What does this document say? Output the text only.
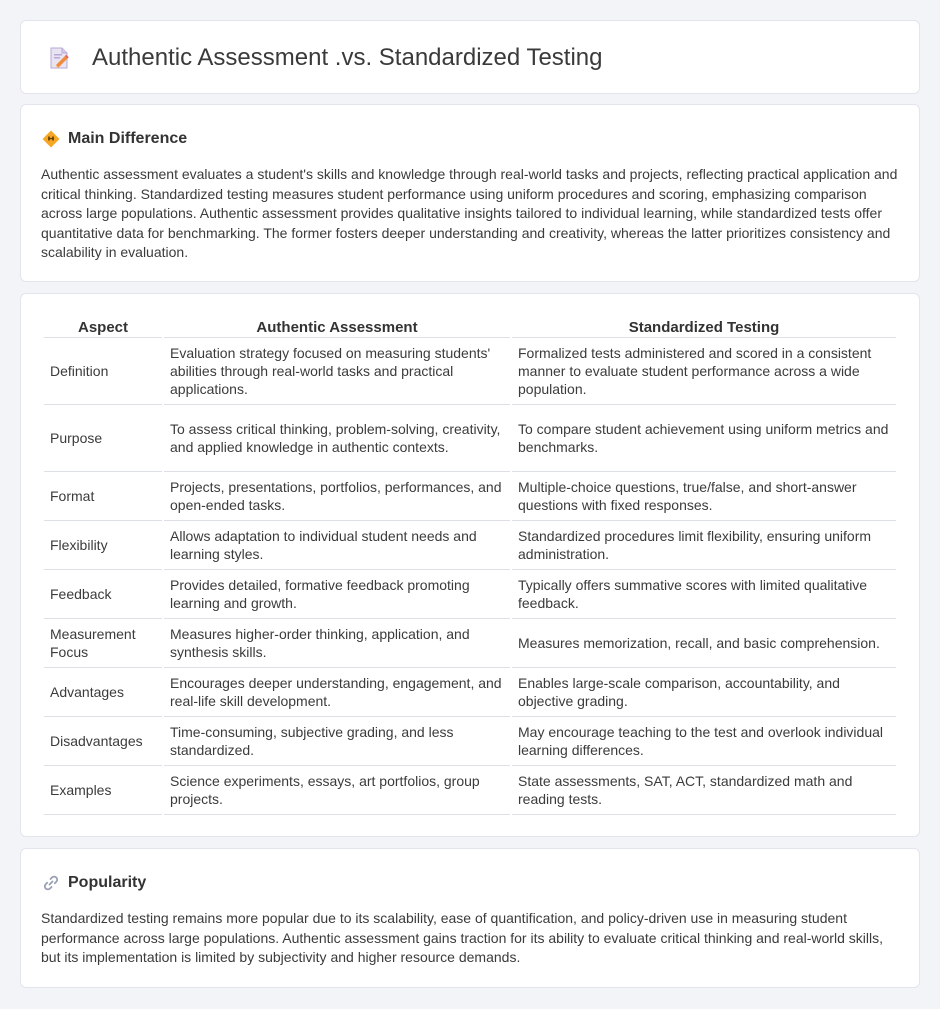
Authentic Assessment .vs. Standardized Testing
Main Difference

Authentic assessment evaluates a student's skills and knowledge through real-world tasks and projects, reflecting practical application and critical thinking. Standardized testing measures student performance using uniform procedures and scoring, emphasizing comparison across large populations. Authentic assessment provides qualitative insights tailored to individual learning, while standardized tests offer quantitative data for benchmarking. The former fosters deeper understanding and creativity, whereas the latter prioritizes consistency and scalability in evaluation.

Aspect	Authentic Assessment	Standardized Testing
Definition	Evaluation strategy focused on measuring students' abilities through real-world tasks and practical applications.	Formalized tests administered and scored in a consistent manner to evaluate student performance across a wide population.
Purpose	To assess critical thinking, problem-solving, creativity, and applied knowledge in authentic contexts.	To compare student achievement using uniform metrics and benchmarks.
Format	Projects, presentations, portfolios, performances, and open-ended tasks.	Multiple-choice questions, true/false, and short-answer questions with fixed responses.
Flexibility	Allows adaptation to individual student needs and learning styles.	Standardized procedures limit flexibility, ensuring uniform administration.
Feedback	Provides detailed, formative feedback promoting learning and growth.	Typically offers summative scores with limited qualitative feedback.
Measurement Focus	Measures higher-order thinking, application, and synthesis skills.	Measures memorization, recall, and basic comprehension.
Advantages	Encourages deeper understanding, engagement, and real-life skill development.	Enables large-scale comparison, accountability, and objective grading.
Disadvantages	Time-consuming, subjective grading, and less standardized.	May encourage teaching to the test and overlook individual learning differences.
Examples	Science experiments, essays, art portfolios, group projects.	State assessments, SAT, ACT, standardized math and reading tests.
Popularity

Standardized testing remains more popular due to its scalability, ease of quantification, and policy-driven use in measuring student performance across large populations. Authentic assessment gains traction for its ability to evaluate critical thinking and real-world skills, but its implementation is limited by subjectivity and higher resource demands.
